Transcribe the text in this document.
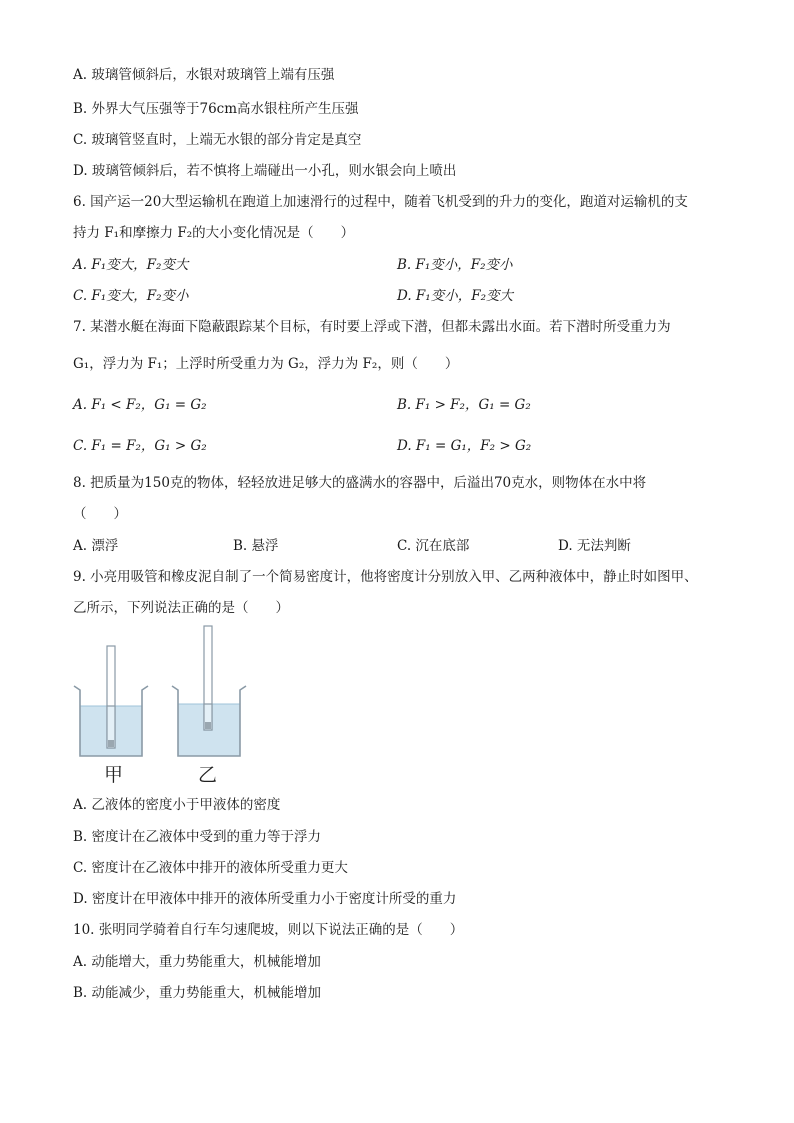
A. 玻璃管倾斜后，水银对玻璃管上端有压强
B. 外界大气压强等于76cm高水银柱所产生压强
C. 玻璃管竖直时，上端无水银的部分肯定是真空
D. 玻璃管倾斜后，若不慎将上端碰出一小孔，则水银会向上喷出
6. 国产运一20大型运输机在跑道上加速滑行的过程中，随着飞机受到的升力的变化，跑道对运输机的支
持力 F₁和摩擦力 F₂的大小变化情况是（　　）
A. F₁变大，F₂变大	B. F₁变小，F₂变小
C. F₁变大，F₂变小	D. F₁变小，F₂变大
7. 某潜水艇在海面下隐蔽跟踪某个目标，有时要上浮或下潜，但都未露出水面。若下潜时所受重力为
G₁，浮力为 F₁；上浮时所受重力为 G₂，浮力为 F₂，则（　　）
A. F₁ < F₂，G₁ = G₂	B. F₁ > F₂，G₁ = G₂
C. F₁ = F₂，G₁ > G₂	D. F₁ = G₁，F₂ > G₂
8. 把质量为150克的物体，轻轻放进足够大的盛满水的容器中，后溢出70克水，则物体在水中将
（　　）
A. 漂浮	B. 悬浮	C. 沉在底部	D. 无法判断
9. 小亮用吸管和橡皮泥自制了一个简易密度计，他将密度计分别放入甲、乙两种液体中，静止时如图甲、
乙所示，下列说法正确的是（　　）
甲	乙
A. 乙液体的密度小于甲液体的密度
B. 密度计在乙液体中受到的重力等于浮力
C. 密度计在乙液体中排开的液体所受重力更大
D. 密度计在甲液体中排开的液体所受重力小于密度计所受的重力
10. 张明同学骑着自行车匀速爬坡，则以下说法正确的是（　　）
A. 动能增大，重力势能重大，机械能增加
B. 动能减少，重力势能重大，机械能增加
